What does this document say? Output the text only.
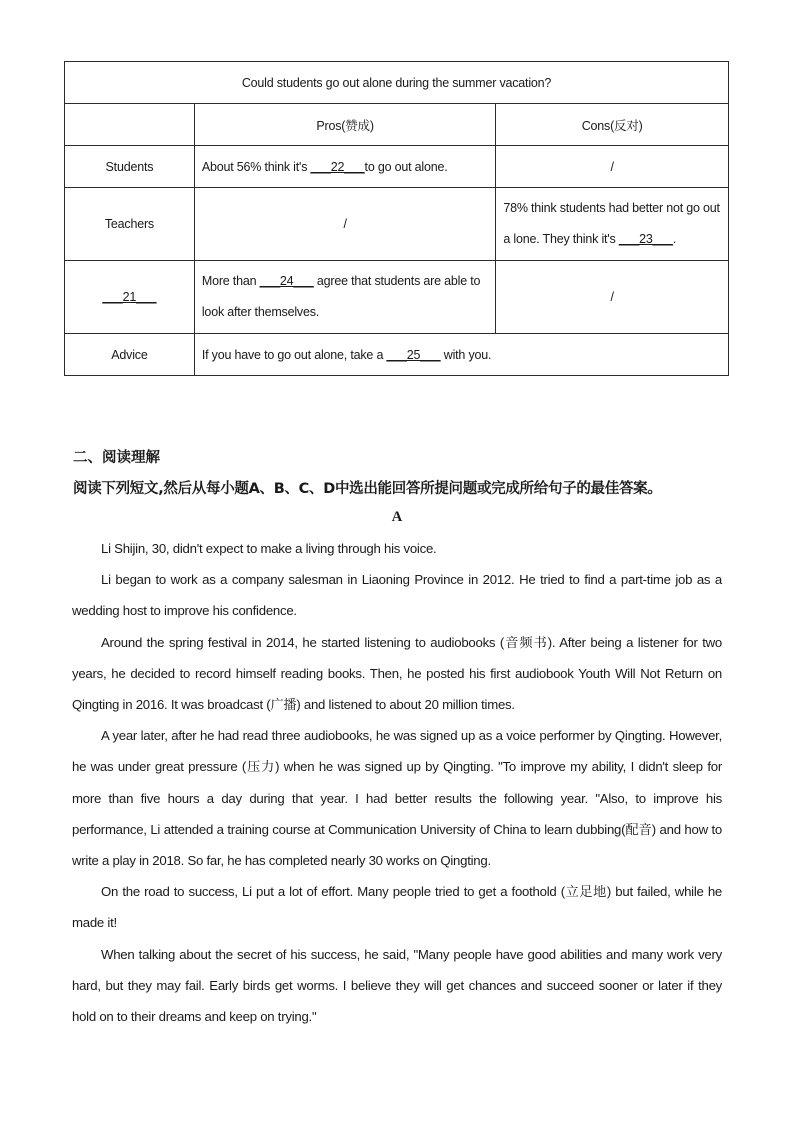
Could students go out alone during the summer vacation?		
	Pros(赞成)	Cons(反对)
Students	About 56% think it's ___22___to go out alone.	/
Teachers	/	78% think students had better not go out a lone. They think it's ___23___.
___21___	More than ___24___ agree that students are able to look after themselves.	/
Advice	If you have to go out alone, take a ___25___ with you.	
二、阅读理解
阅读下列短文,然后从每小题A、B、C、D中选出能回答所提问题或完成所给句子的最佳答案。
A

Li Shijin, 30, didn't expect to make a living through his voice.

Li began to work as a company salesman in Liaoning Province in 2012. He tried to find a part-time job as a wedding host to improve his confidence.

Around the spring festival in 2014, he started listening to audiobooks (音频书). After being a listener for two years, he decided to record himself reading books. Then, he posted his first audiobook Youth Will Not Return on Qingting in 2016. It was broadcast (广播) and listened to about 20 million times.

A year later, after he had read three audiobooks, he was signed up as a voice performer by Qingting. However, he was under great pressure (压力) when he was signed up by Qingting. "To improve my ability, I didn't sleep for more than five hours a day during that year. I had better results the following year. "Also, to improve his performance, Li attended a training course at Communication University of China to learn dubbing(配音) and how to write a play in 2018. So far, he has completed nearly 30 works on Qingting.

On the road to success, Li put a lot of effort. Many people tried to get a foothold (立足地) but failed, while he made it!

When talking about the secret of his success, he said, "Many people have good abilities and many work very hard, but they may fail. Early birds get worms. I believe they will get chances and succeed sooner or later if they hold on to their dreams and keep on trying."
